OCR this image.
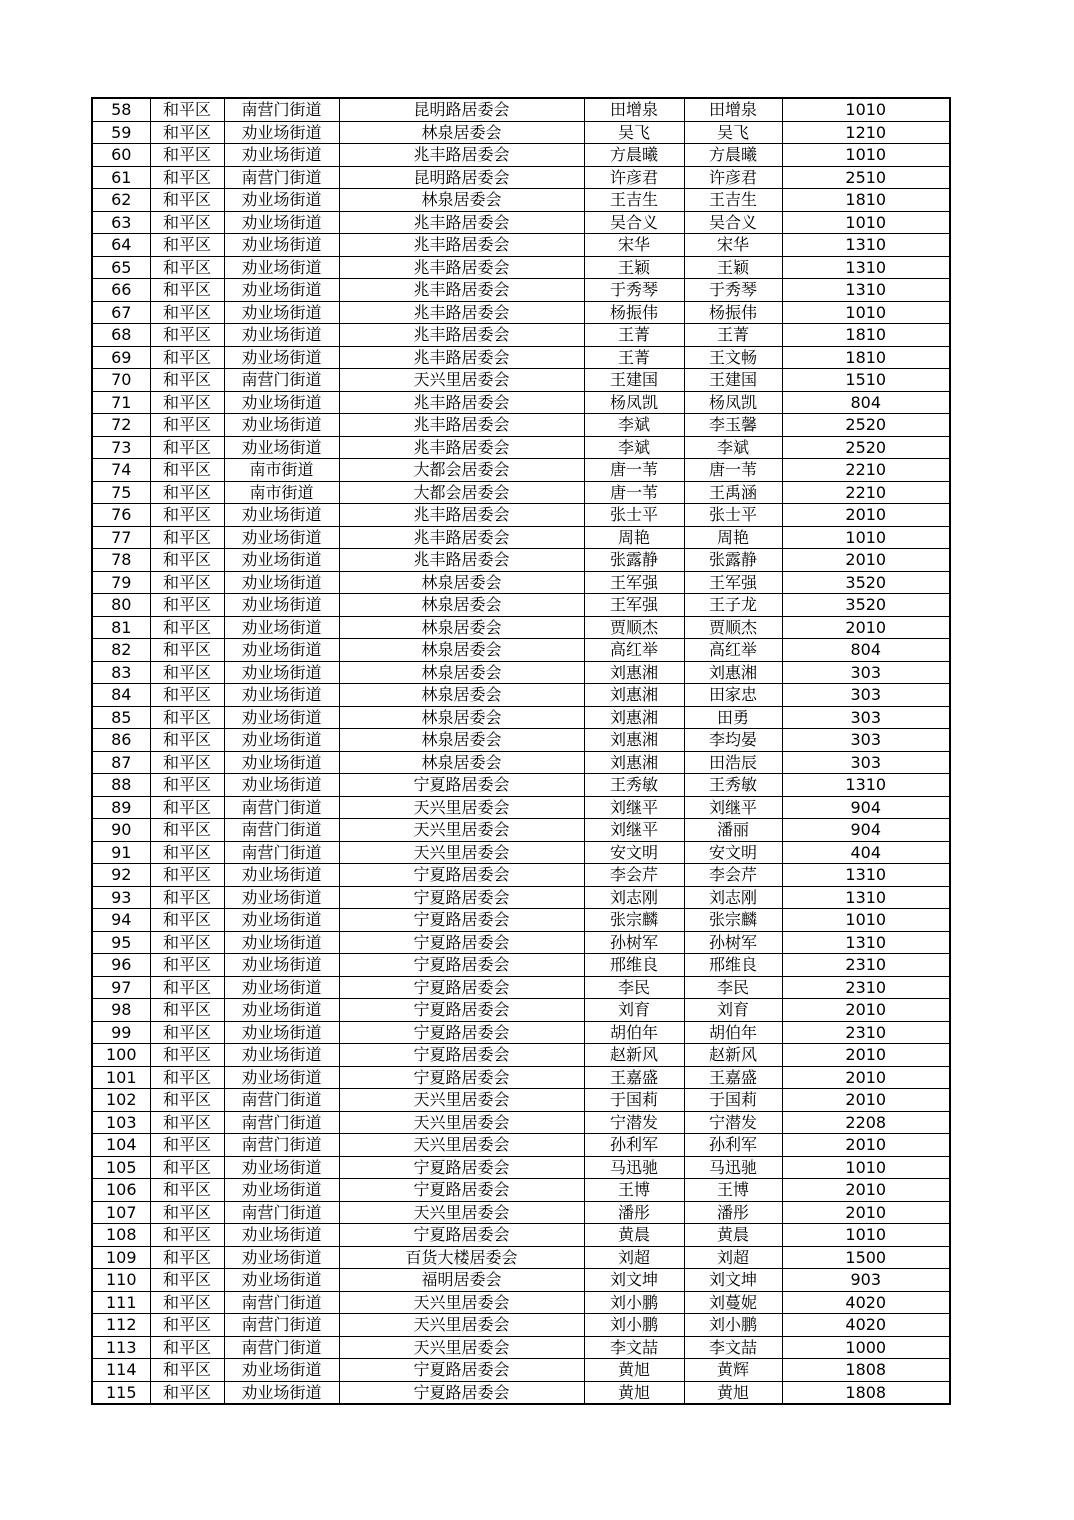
58	和平区	南营门街道	昆明路居委会	田增泉	田增泉	1010
59	和平区	劝业场街道	林泉居委会	吴飞	吴飞	1210
60	和平区	劝业场街道	兆丰路居委会	方晨曦	方晨曦	1010
61	和平区	南营门街道	昆明路居委会	许彦君	许彦君	2510
62	和平区	劝业场街道	林泉居委会	王吉生	王吉生	1810
63	和平区	劝业场街道	兆丰路居委会	吴合义	吴合义	1010
64	和平区	劝业场街道	兆丰路居委会	宋华	宋华	1310
65	和平区	劝业场街道	兆丰路居委会	王颖	王颖	1310
66	和平区	劝业场街道	兆丰路居委会	于秀琴	于秀琴	1310
67	和平区	劝业场街道	兆丰路居委会	杨振伟	杨振伟	1010
68	和平区	劝业场街道	兆丰路居委会	王菁	王菁	1810
69	和平区	劝业场街道	兆丰路居委会	王菁	王文畅	1810
70	和平区	南营门街道	天兴里居委会	王建国	王建国	1510
71	和平区	劝业场街道	兆丰路居委会	杨凤凯	杨凤凯	804
72	和平区	劝业场街道	兆丰路居委会	李斌	李玉馨	2520
73	和平区	劝业场街道	兆丰路居委会	李斌	李斌	2520
74	和平区	南市街道	大都会居委会	唐一苇	唐一苇	2210
75	和平区	南市街道	大都会居委会	唐一苇	王禹涵	2210
76	和平区	劝业场街道	兆丰路居委会	张士平	张士平	2010
77	和平区	劝业场街道	兆丰路居委会	周艳	周艳	1010
78	和平区	劝业场街道	兆丰路居委会	张露静	张露静	2010
79	和平区	劝业场街道	林泉居委会	王军强	王军强	3520
80	和平区	劝业场街道	林泉居委会	王军强	王子龙	3520
81	和平区	劝业场街道	林泉居委会	贾顺杰	贾顺杰	2010
82	和平区	劝业场街道	林泉居委会	高红举	高红举	804
83	和平区	劝业场街道	林泉居委会	刘惠湘	刘惠湘	303
84	和平区	劝业场街道	林泉居委会	刘惠湘	田家忠	303
85	和平区	劝业场街道	林泉居委会	刘惠湘	田勇	303
86	和平区	劝业场街道	林泉居委会	刘惠湘	李均晏	303
87	和平区	劝业场街道	林泉居委会	刘惠湘	田浩辰	303
88	和平区	劝业场街道	宁夏路居委会	王秀敏	王秀敏	1310
89	和平区	南营门街道	天兴里居委会	刘继平	刘继平	904
90	和平区	南营门街道	天兴里居委会	刘继平	潘丽	904
91	和平区	南营门街道	天兴里居委会	安文明	安文明	404
92	和平区	劝业场街道	宁夏路居委会	李会芹	李会芹	1310
93	和平区	劝业场街道	宁夏路居委会	刘志刚	刘志刚	1310
94	和平区	劝业场街道	宁夏路居委会	张宗麟	张宗麟	1010
95	和平区	劝业场街道	宁夏路居委会	孙树军	孙树军	1310
96	和平区	劝业场街道	宁夏路居委会	邢维良	邢维良	2310
97	和平区	劝业场街道	宁夏路居委会	李民	李民	2310
98	和平区	劝业场街道	宁夏路居委会	刘育	刘育	2010
99	和平区	劝业场街道	宁夏路居委会	胡伯年	胡伯年	2310
100	和平区	劝业场街道	宁夏路居委会	赵新风	赵新风	2010
101	和平区	劝业场街道	宁夏路居委会	王嘉盛	王嘉盛	2010
102	和平区	南营门街道	天兴里居委会	于国莉	于国莉	2010
103	和平区	南营门街道	天兴里居委会	宁潜发	宁潜发	2208
104	和平区	南营门街道	天兴里居委会	孙利军	孙利军	2010
105	和平区	劝业场街道	宁夏路居委会	马迅驰	马迅驰	1010
106	和平区	劝业场街道	宁夏路居委会	王博	王博	2010
107	和平区	南营门街道	天兴里居委会	潘彤	潘彤	2010
108	和平区	劝业场街道	宁夏路居委会	黄晨	黄晨	1010
109	和平区	劝业场街道	百货大楼居委会	刘超	刘超	1500
110	和平区	劝业场街道	福明居委会	刘文坤	刘文坤	903
111	和平区	南营门街道	天兴里居委会	刘小鹏	刘蔓妮	4020
112	和平区	南营门街道	天兴里居委会	刘小鹏	刘小鹏	4020
113	和平区	南营门街道	天兴里居委会	李文喆	李文喆	1000
114	和平区	劝业场街道	宁夏路居委会	黄旭	黄辉	1808
115	和平区	劝业场街道	宁夏路居委会	黄旭	黄旭	1808
